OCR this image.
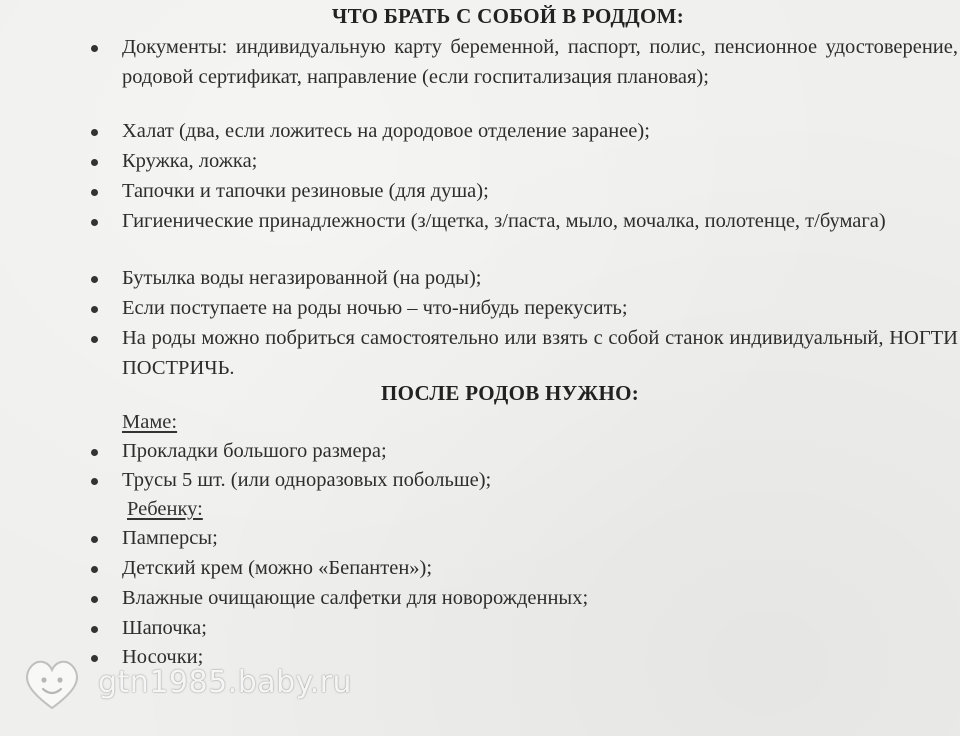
ЧТО БРАТЬ С СОБОЙ В РОДДОМ:
Документы: индивидуальную карту беременной, паспорт, полис, пенсионное удостоверение, родовой сертификат, направление (если госпитализация плановая);
Халат (два, если ложитесь на дородовое отделение заранее);
Кружка, ложка;
Тапочки и тапочки резиновые (для душа);
Гигиенические принадлежности (з/щетка, з/паста, мыло, мочалка, полотенце, т/бумага)
Бутылка воды негазированной (на роды);
Если поступаете на роды ночью – что-нибудь перекусить;
На роды можно побриться самостоятельно или взять с собой станок индивидуальный, НОГТИ ПОСТРИЧЬ.
ПОСЛЕ РОДОВ НУЖНО:
Маме:
Прокладки большого размера;
Трусы 5 шт. (или одноразовых побольше);
Ребенку:
Памперсы;
Детский крем (можно «Бепантен»);
Влажные очищающие салфетки для новорожденных;
Шапочка;
Носочки;
gtn1985.baby.ru
